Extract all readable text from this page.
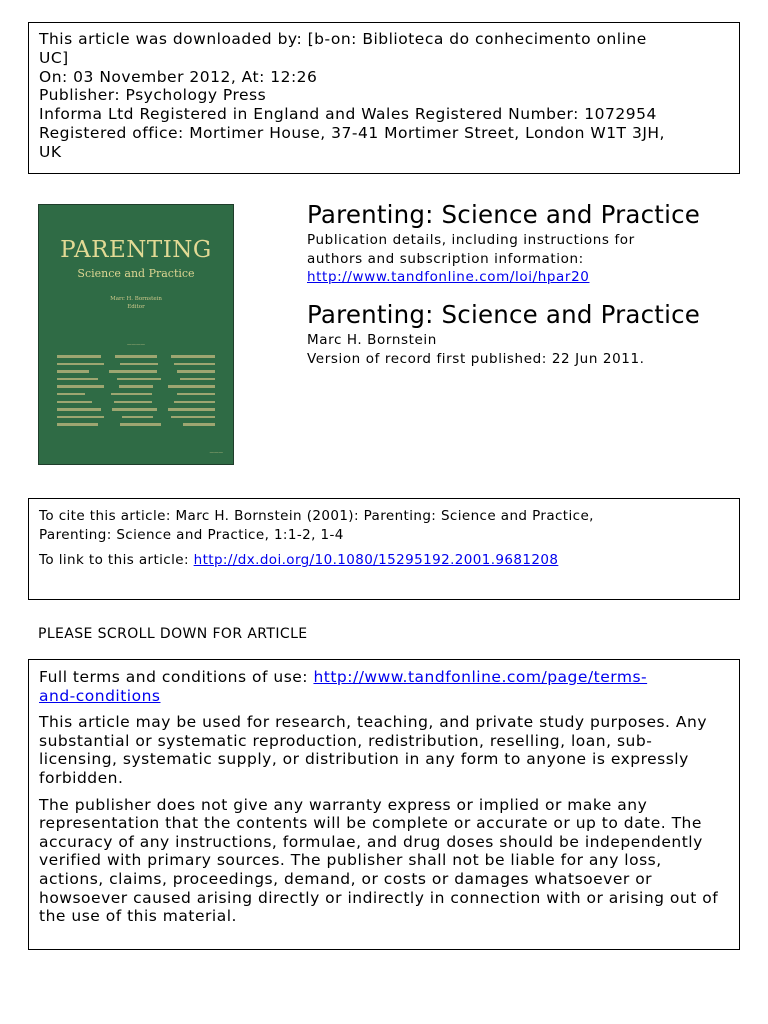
This article was downloaded by: [b-on: Biblioteca do conhecimento online
UC]
On: 03 November 2012, At: 12:26
Publisher: Psychology Press
Informa Ltd Registered in England and Wales Registered Number: 1072954
Registered office: Mortimer House, 37-41 Mortimer Street, London W1T 3JH,
UK
PARENTING
Science and Practice
Marc H. Bornstein
Editor
————
———
Parenting: Science and Practice
Publication details, including instructions for
authors and subscription information:
http://www.tandfonline.com/loi/hpar20
Parenting: Science and Practice
Marc H. Bornstein
Version of record first published: 22 Jun 2011.
To cite this article: Marc H. Bornstein (2001): Parenting: Science and Practice,
Parenting: Science and Practice, 1:1-2, 1-4
To link to this article: http://dx.doi.org/10.1080/15295192.2001.9681208
PLEASE SCROLL DOWN FOR ARTICLE

Full terms and conditions of use: http://www.tandfonline.com/page/terms-
and-conditions

This article may be used for research, teaching, and private study purposes. Any substantial or systematic reproduction, redistribution, reselling, loan, sub-licensing, systematic supply, or distribution in any form to anyone is expressly forbidden.

The publisher does not give any warranty express or implied or make any representation that the contents will be complete or accurate or up to date. The accuracy of any instructions, formulae, and drug doses should be independently verified with primary sources. The publisher shall not be liable for any loss, actions, claims, proceedings, demand, or costs or damages whatsoever or howsoever caused arising directly or indirectly in connection with or arising out of the use of this material.
